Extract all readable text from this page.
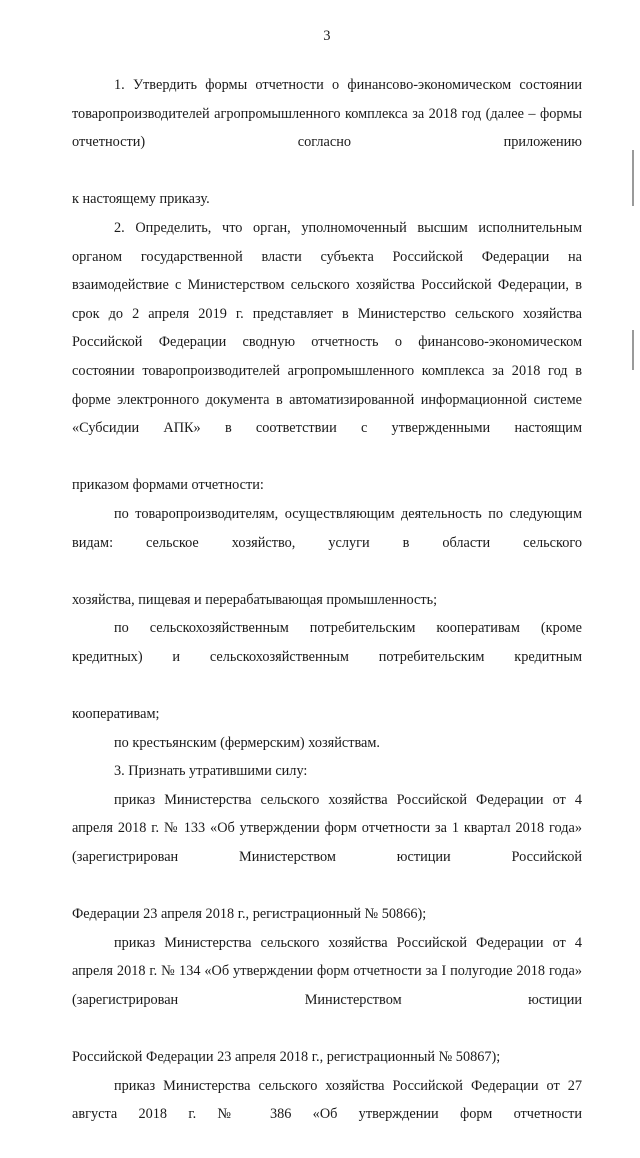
3

1. Утвердить формы отчетности о финансово-экономическом состоянии товаропроизводителей агропромышленного комплекса за 2018 год (далее – формы отчетности) согласно приложению

к настоящему приказу.

2. Определить, что орган, уполномоченный высшим исполнительным органом государственной власти субъекта Российской Федерации на взаимодействие с Министерством сельского хозяйства Российской Федерации, в срок до 2 апреля 2019 г. представляет в Министерство сельского хозяйства Российской Федерации сводную отчетность о финансово-экономическом состоянии товаропроизводителей агропромышленного комплекса за 2018 год в форме электронного документа в автоматизированной информационной системе «Субсидии АПК» в соответствии с утвержденными настоящим

приказом формами отчетности:

по товаропроизводителям, осуществляющим деятельность по следующим видам: сельское хозяйство, услуги в области сельского

хозяйства, пищевая и перерабатывающая промышленность;

по сельскохозяйственным потребительским кооперативам (кроме кредитных) и сельскохозяйственным потребительским кредитным

кооперативам;

по крестьянским (фермерским) хозяйствам.

3. Признать утратившими силу:

приказ Министерства сельского хозяйства Российской Федерации от 4 апреля 2018 г. № 133 «Об утверждении форм отчетности за 1 квартал 2018 года» (зарегистрирован Министерством юстиции Российской

Федерации 23 апреля 2018 г., регистрационный № 50866);

приказ Министерства сельского хозяйства Российской Федерации от 4 апреля 2018 г. № 134 «Об утверждении форм отчетности за I полугодие 2018 года» (зарегистрирован Министерством юстиции

Российской Федерации 23 апреля 2018 г., регистрационный № 50867);

приказ Министерства сельского хозяйства Российской Федерации от 27 августа 2018 г. № 386 «Об утверждении форм отчетности
